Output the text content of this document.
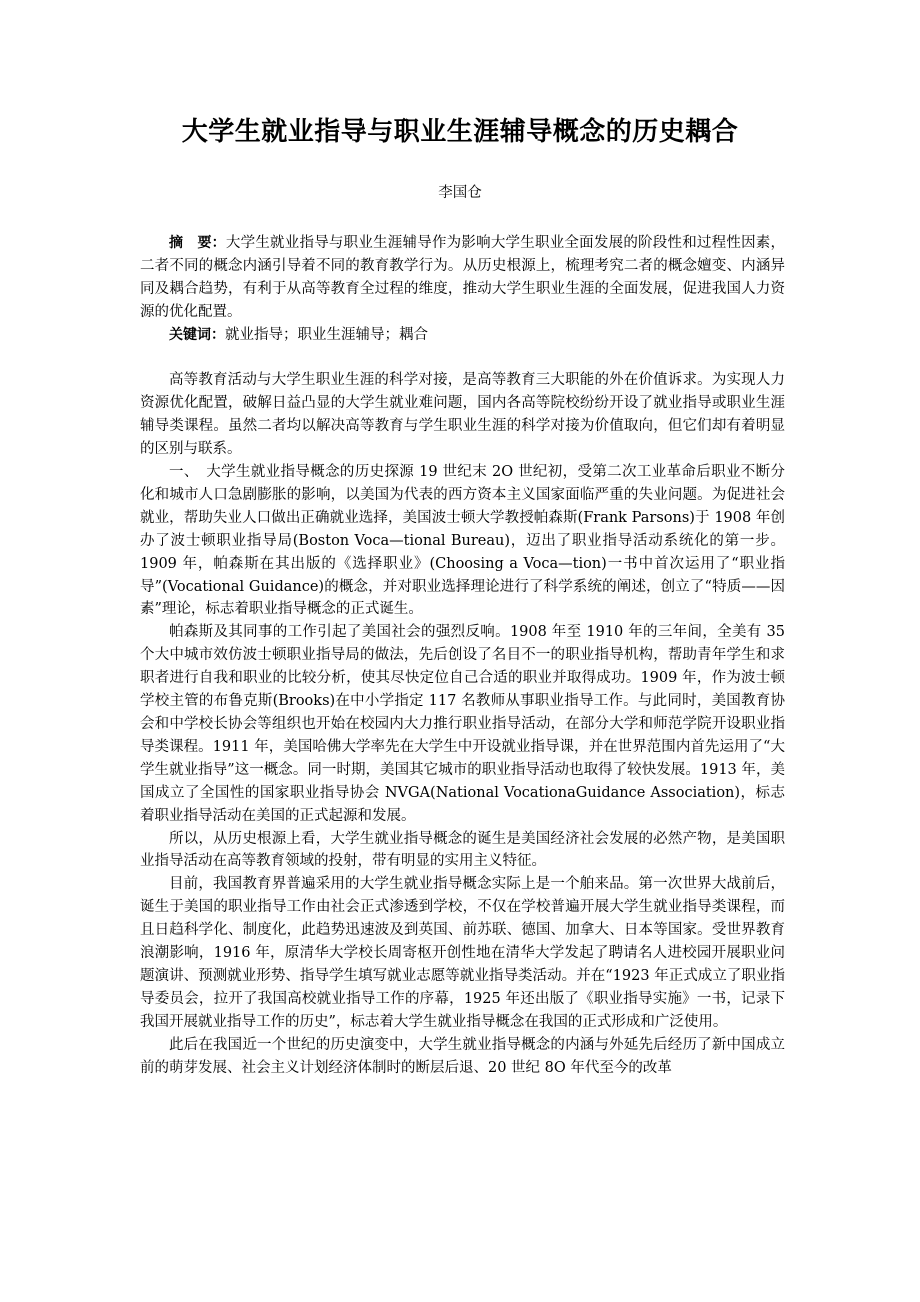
大学生就业指导与职业生涯辅导概念的历史耦合
李国仓

摘　要：大学生就业指导与职业生涯辅导作为影响大学生职业全面发展的阶段性和过程性因素，二者不同的概念内涵引导着不同的教育教学行为。从历史根源上，梳理考究二者的概念嬗变、内涵异同及耦合趋势，有利于从高等教育全过程的维度，推动大学生职业生涯的全面发展，促进我国人力资源的优化配置。

关键词：就业指导；职业生涯辅导；耦合

高等教育活动与大学生职业生涯的科学对接，是高等教育三大职能的外在价值诉求。为实现人力资源优化配置，破解日益凸显的大学生就业难问题，国内各高等院校纷纷开设了就业指导或职业生涯辅导类课程。虽然二者均以解决高等教育与学生职业生涯的科学对接为价值取向，但它们却有着明显的区别与联系。

一、　大学生就业指导概念的历史探源 19 世纪末 2O 世纪初，受第二次工业革命后职业不断分化和城市人口急剧膨胀的影响，以美国为代表的西方资本主义国家面临严重的失业问题。为促进社会就业，帮助失业人口做出正确就业选择，美国波士顿大学教授帕森斯(Frank Parsons)于 1908 年创办了波士顿职业指导局(Boston Voca—tional Bureau)，迈出了职业指导活动系统化的第一步。1909 年，帕森斯在其出版的《选择职业》(Choosing a Voca—tion)一书中首次运用了“职业指导”(Vocational Guidance)的概念，并对职业选择理论进行了科学系统的阐述，创立了“特质——因素”理论，标志着职业指导概念的正式诞生。

帕森斯及其同事的工作引起了美国社会的强烈反响。1908 年至 1910 年的三年间，全美有 35 个大中城市效仿波士顿职业指导局的做法，先后创设了名目不一的职业指导机构，帮助青年学生和求职者进行自我和职业的比较分析，使其尽快定位自己合适的职业并取得成功。1909 年，作为波士顿学校主管的布鲁克斯(Brooks)在中小学指定 117 名教师从事职业指导工作。与此同时，美国教育协会和中学校长协会等组织也开始在校园内大力推行职业指导活动，在部分大学和师范学院开设职业指导类课程。1911 年，美国哈佛大学率先在大学生中开设就业指导课，并在世界范围内首先运用了“大学生就业指导”这一概念。同一时期，美国其它城市的职业指导活动也取得了较快发展。1913 年，美国成立了全国性的国家职业指导协会 NVGA(National VocationaGuidance Association)，标志着职业指导活动在美国的正式起源和发展。

所以，从历史根源上看，大学生就业指导概念的诞生是美国经济社会发展的必然产物，是美国职业指导活动在高等教育领域的投射，带有明显的实用主义特征。

目前，我国教育界普遍采用的大学生就业指导概念实际上是一个舶来品。第一次世界大战前后，诞生于美国的职业指导工作由社会正式渗透到学校，不仅在学校普遍开展大学生就业指导类课程，而且日趋科学化、制度化，此趋势迅速波及到英国、前苏联、德国、加拿大、日本等国家。受世界教育浪潮影响，1916 年，原清华大学校长周寄枢开创性地在清华大学发起了聘请名人进校园开展职业问题演讲、预测就业形势、指导学生填写就业志愿等就业指导类活动。并在“1923 年正式成立了职业指导委员会，拉开了我国高校就业指导工作的序幕，1925 年还出版了《职业指导实施》一书，记录下我国开展就业指导工作的历史”，标志着大学生就业指导概念在我国的正式形成和广泛使用。

此后在我国近一个世纪的历史演变中，大学生就业指导概念的内涵与外延先后经历了新中国成立前的萌芽发展、社会主义计划经济体制时的断层后退、20 世纪 8O 年代至今的改革
